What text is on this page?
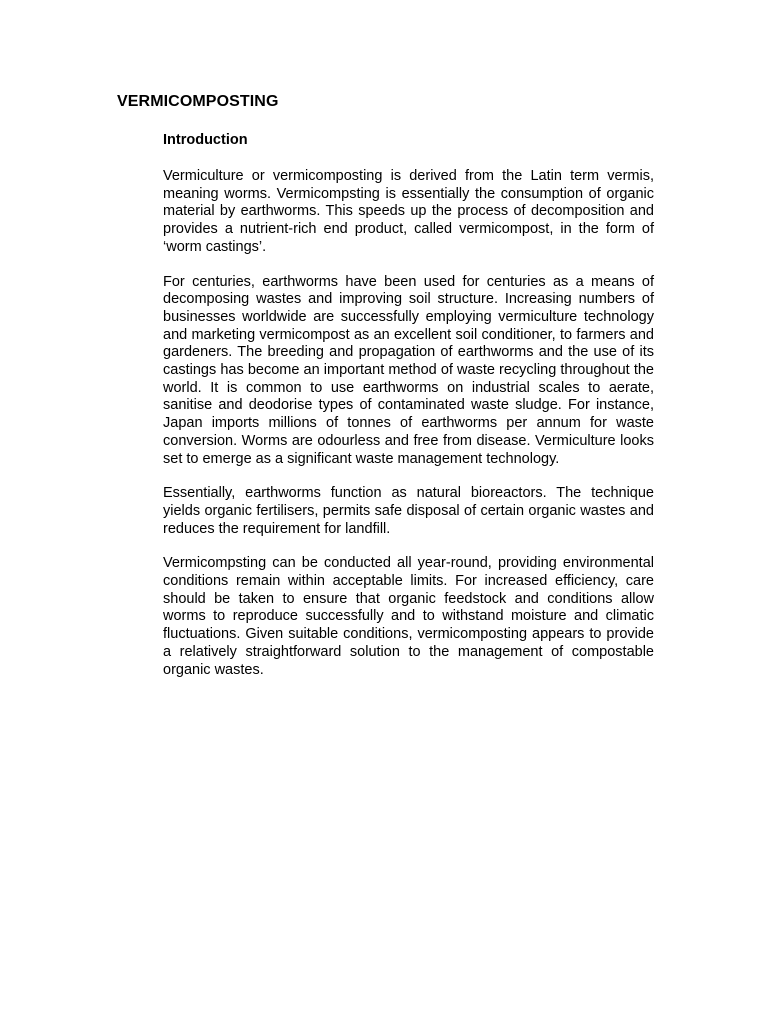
VERMICOMPOSTING
Introduction

Vermiculture or vermicomposting is derived from the Latin term vermis, meaning worms. Vermicompsting is essentially the consumption of organic material by earthworms. This speeds up the process of decomposition and provides a nutrient-rich end product, called vermicompost, in the form of ‘worm castings’.

For centuries, earthworms have been used for centuries as a means of decomposing wastes and improving soil structure. Increasing numbers of businesses worldwide are successfully employing vermiculture technology and marketing vermicompost as an excellent soil conditioner, to farmers and gardeners. The breeding and propagation of earthworms and the use of its castings has become an important method of waste recycling throughout the world. It is common to use earthworms on industrial scales to aerate, sanitise and deodorise types of contaminated waste sludge. For instance, Japan imports millions of tonnes of earthworms per annum for waste conversion. Worms are odourless and free from disease. Vermiculture looks set to emerge as a significant waste management technology.

Essentially, earthworms function as natural bioreactors. The technique yields organic fertilisers, permits safe disposal of certain organic wastes and reduces the requirement for landfill.

Vermicompsting can be conducted all year-round, providing environmental conditions remain within acceptable limits. For increased efficiency, care should be taken to ensure that organic feedstock and conditions allow worms to reproduce successfully and to withstand moisture and climatic fluctuations. Given suitable conditions, vermicomposting appears to provide a relatively straightforward solution to the management of compostable organic wastes.
